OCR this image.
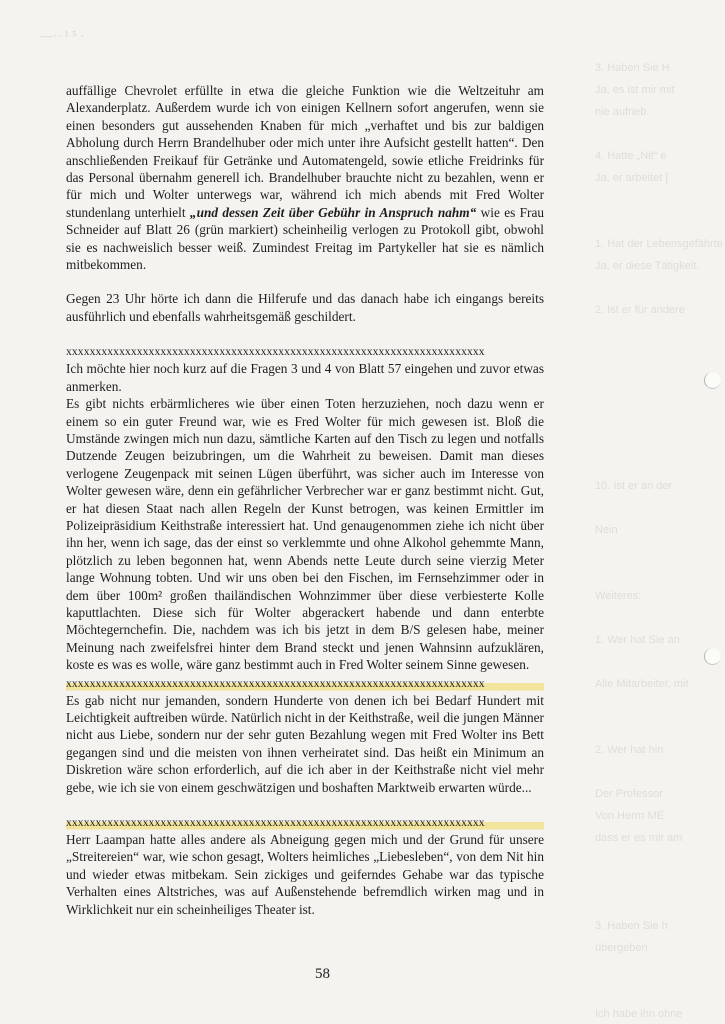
—·· ¹ ⁵ ·
3. Haben Sie H
Ja, es ist mir mit
nie aufrieb.
4. Hatte „Nit“ e
Ja, er arbeitet [
1. Hat der Lebensgefährte
Ja, er diese Tätigkeit.
2. Ist er für andere
10. Ist er an der
Nein
Weiteres:
1. Wer hat Sie an
Alle Mitarbeiter, mit
2. Wer hat hin
Der Professor
Von Herrn ME
dass er es mir am
3. Haben Sie h
übergeben
Ich habe ihn ohne

auffällige Chevrolet erfüllte in etwa die gleiche Funktion wie die Weltzeituhr am Alexanderplatz. Außerdem wurde ich von einigen Kellnern sofort angerufen, wenn sie einen besonders gut aussehenden Knaben für mich „verhaftet und bis zur baldigen Abholung durch Herrn Brandelhuber oder mich unter ihre Aufsicht gestellt hatten“. Den anschließenden Freikauf für Getränke und Automatengeld, sowie etliche Freidrinks für das Personal übernahm generell ich. Brandelhuber brauchte nicht zu bezahlen, wenn er für mich und Wolter unterwegs war, während ich mich abends mit Fred Wolter stundenlang unterhielt „und dessen Zeit über Gebühr in Anspruch nahm“ wie es Frau Schneider auf Blatt 26 (grün markiert) scheinheilig verlogen zu Protokoll gibt, obwohl sie es nachweislich besser weiß. Zumindest Freitag im Partykeller hat sie es nämlich mitbekommen.

Gegen 23 Uhr hörte ich dann die Hilferufe und das danach habe ich eingangs bereits ausführlich und ebenfalls wahrheitsgemäß geschildert.

xxxxxxxxxxxxxxxxxxxxxxxxxxxxxxxxxxxxxxxxxxxxxxxxxxxxxxxxxxxxxxxxxxxxxxx

Ich möchte hier noch kurz auf die Fragen 3 und 4 von Blatt 57 eingehen und zuvor etwas anmerken.

Es gibt nichts erbärmlicheres wie über einen Toten herzuziehen, noch dazu wenn er einem so ein guter Freund war, wie es Fred Wolter für mich gewesen ist. Bloß die Umstände zwingen mich nun dazu, sämtliche Karten auf den Tisch zu legen und notfalls Dutzende Zeugen beizubringen, um die Wahrheit zu beweisen. Damit man dieses verlogene Zeugenpack mit seinen Lügen überführt, was sicher auch im Interesse von Wolter gewesen wäre, denn ein gefährlicher Verbrecher war er ganz bestimmt nicht. Gut, er hat diesen Staat nach allen Regeln der Kunst betrogen, was keinen Ermittler im Polizeipräsidium Keithstraße interessiert hat. Und genaugenommen ziehe ich nicht über ihn her, wenn ich sage, das der einst so verklemmte und ohne Alkohol gehemmte Mann, plötzlich zu leben begonnen hat, wenn Abends nette Leute durch seine vierzig Meter lange Wohnung tobten. Und wir uns oben bei den Fischen, im Fernsehzimmer oder in dem über 100m² großen thailändischen Wohnzimmer über diese verbiesterte Kolle kaputtlachten. Diese sich für Wolter abgerackert habende und dann enterbte Möchtegernchefin. Die, nachdem was ich bis jetzt in dem B/S gelesen habe, meiner Meinung nach zweifelsfrei hinter dem Brand steckt und jenen Wahnsinn aufzuklären, koste es was es wolle, wäre ganz bestimmt auch in Fred Wolter seinem Sinne gewesen.

xxxxxxxxxxxxxxxxxxxxxxxxxxxxxxxxxxxxxxxxxxxxxxxxxxxxxxxxxxxxxxxxxxxxxxx

Es gab nicht nur jemanden, sondern Hunderte von denen ich bei Bedarf Hundert mit Leichtigkeit auftreiben würde. Natürlich nicht in der Keithstraße, weil die jungen Männer nicht aus Liebe, sondern nur der sehr guten Bezahlung wegen mit Fred Wolter ins Bett gegangen sind und die meisten von ihnen verheiratet sind. Das heißt ein Minimum an Diskretion wäre schon erforderlich, auf die ich aber in der Keithstraße nicht viel mehr gebe, wie ich sie von einem geschwätzigen und boshaften Marktweib erwarten würde...

xxxxxxxxxxxxxxxxxxxxxxxxxxxxxxxxxxxxxxxxxxxxxxxxxxxxxxxxxxxxxxxxxxxxxxx

Herr Laampan hatte alles andere als Abneigung gegen mich und der Grund für unsere „Streitereien“ war, wie schon gesagt, Wolters heimliches „Liebesleben“, von dem Nit hin und wieder etwas mitbekam. Sein zickiges und geiferndes Gehabe war das typische Verhalten eines Altstriches, was auf Außenstehende befremdlich wirken mag und in Wirklichkeit nur ein scheinheiliges Theater ist.

58
